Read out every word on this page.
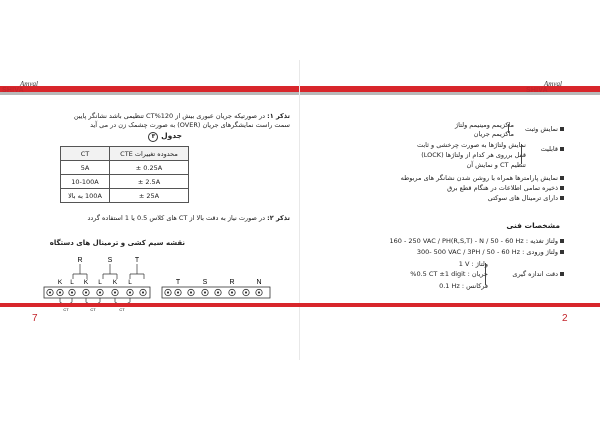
SHIVA
Amval
تذکر ۱: در صورتیکه جریان عبوری بیش از 120%CT تنظیمی باشد نشانگر پایین
سمت راست نمایشگرهای جریان (OVER) به صورت چشمک زن در می آید
جدول ۳
CT	محدوده تغییرات CTE
5A	± 0.25A
10-100A	± 2.5A
100A به بالا	± 25A
تذکر ۲: در صورت نیاز به دقت بالا از CT های کلاس 0.5 یا 1 استفاده گردد
نقشه سیم کشی و ترمینال های دستگاه
R	S	T
K L K L K L
CT	CT	CT
T	S	R	N
7
SHIVA
Amval
نمایش وثبت
ماکزیمم ومینیمم ولتاژ
ماکزیمم جریان
قابلیت
نمایش ولتاژها به صورت چرخشی و ثابت
قفل برروی هر کدام از ولتاژها (LOCK)
تنظیم CT و نمایش آن
نمایش پارامترها همراه با روشن شدن نشانگر های مربوطه
ذخیره تمامی اطلاعات در هنگام قطع برق
دارای ترمینال های سوکتی
مشخصات فنی
ولتاژ تغذیه : 160 - 250 VAC / PH(R,S,T) - N / 50 - 60 Hz
ولتاژ ورودی : 300- 500 VAC / 3PH / 50 - 60 Hz
دقت اندازه گیری
ولتاژ : 1 V
جریان : %0.5 CT ±1 digit
فرکانس : 0.1 Hz
2
